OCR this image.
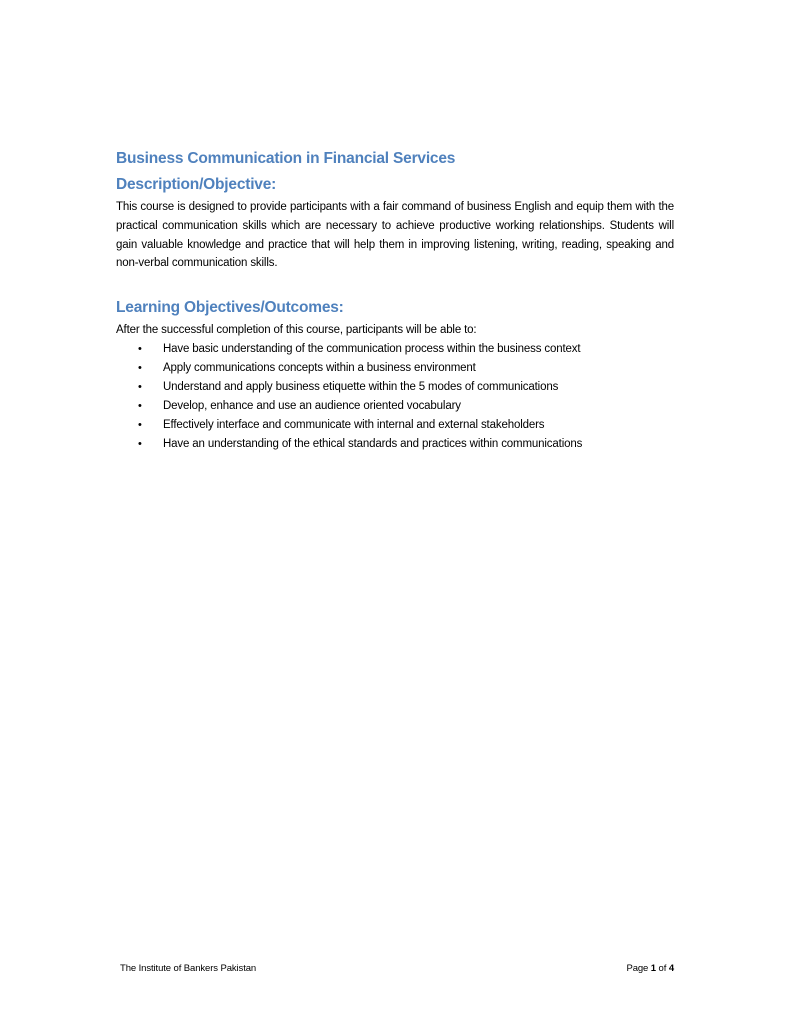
Business Communication in Financial Services
Description/Objective:

This course is designed to provide participants with a fair command of business English and equip them with the practical communication skills which are necessary to achieve productive working relationships. Students will gain valuable knowledge and practice that will help them in improving listening, writing, reading, speaking and non-verbal communication skills.

Learning Objectives/Outcomes:

After the successful completion of this course, participants will be able to:

• Have basic understanding of the communication process within the business context
• Apply communications concepts within a business environment
• Understand and apply business etiquette within the 5 modes of communications
• Develop, enhance and use an audience oriented vocabulary
• Effectively interface and communicate with internal and external stakeholders
• Have an understanding of the ethical standards and practices within communications
The Institute of Bankers Pakistan	Page 1 of 4
